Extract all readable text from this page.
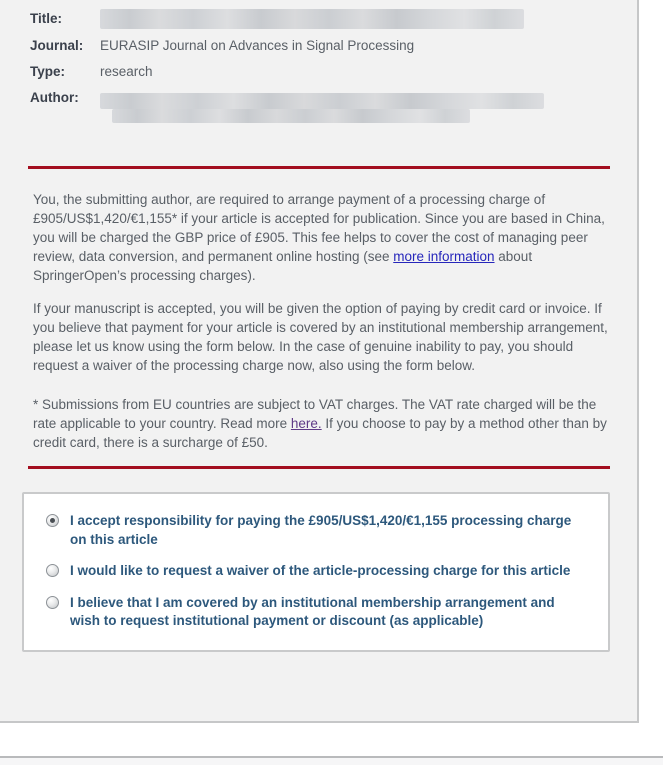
Title:
Journal:	EURASIP Journal on Advances in Signal Processing
Type:	research
Author:

You, the submitting author, are required to arrange payment of a processing charge of £905/US$1,420/€1,155* if your article is accepted for publication. Since you are based in China, you will be charged the GBP price of £905. This fee helps to cover the cost of managing peer review, data conversion, and permanent online hosting (see more information about SpringerOpen’s processing charges).

If your manuscript is accepted, you will be given the option of paying by credit card or invoice. If you believe that payment for your article is covered by an institutional membership arrangement, please let us know using the form below. In the case of genuine inability to pay, you should request a waiver of the processing charge now, also using the form below.

* Submissions from EU countries are subject to VAT charges. The VAT rate charged will be the rate applicable to your country. Read more here. If you choose to pay by a method other than by credit card, there is a surcharge of £50.

I accept responsibility for paying the £905/US$1,420/€1,155 processing charge on this article
I would like to request a waiver of the article-processing charge for this article
I believe that I am covered by an institutional membership arrangement and wish to request institutional payment or discount (as applicable)
